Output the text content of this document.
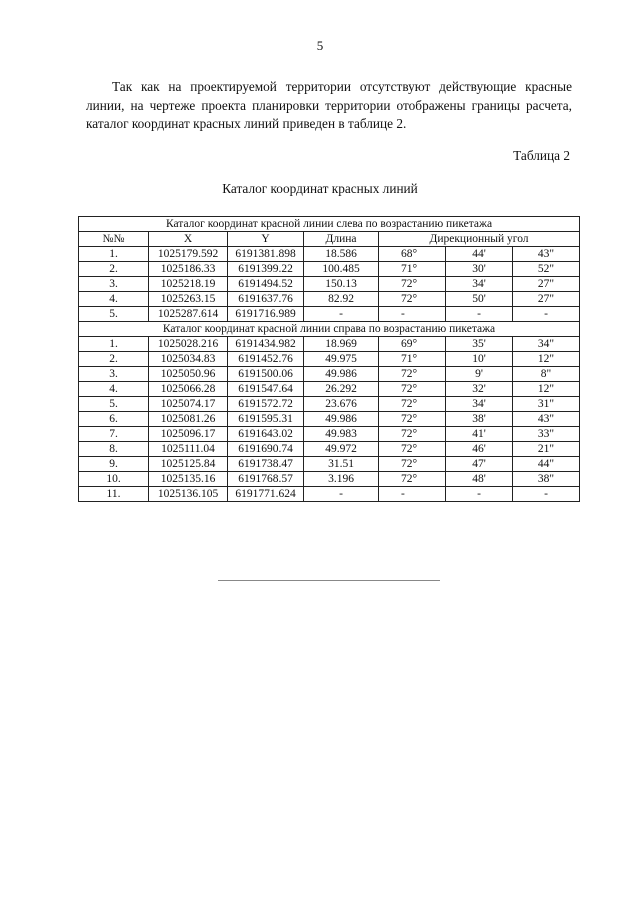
5

Так как на проектируемой территории отсутствуют действующие красные линии, на чертеже проекта планировки территории отображены границы расчета, каталог координат красных линий приведен в таблице 2.

Таблица 2
Каталог координат красных линий
Каталог координат красной линии слева по возрастанию пикетажа						
№№	X	Y	Длина	Дирекционный угол		
1.	1025179.592	6191381.898	18.586	68°	44'	43"
2.	1025186.33	6191399.22	100.485	71°	30'	52"
3.	1025218.19	6191494.52	150.13	72°	34'	27"
4.	1025263.15	6191637.76	82.92	72°	50'	27"
5.	1025287.614	6191716.989	-	-	-	-
Каталог координат красной линии справа по возрастанию пикетажа						
1.	1025028.216	6191434.982	18.969	69°	35'	34"
2.	1025034.83	6191452.76	49.975	71°	10'	12"
3.	1025050.96	6191500.06	49.986	72°	9'	8"
4.	1025066.28	6191547.64	26.292	72°	32'	12"
5.	1025074.17	6191572.72	23.676	72°	34'	31"
6.	1025081.26	6191595.31	49.986	72°	38'	43"
7.	1025096.17	6191643.02	49.983	72°	41'	33"
8.	1025111.04	6191690.74	49.972	72°	46'	21"
9.	1025125.84	6191738.47	31.51	72°	47'	44"
10.	1025135.16	6191768.57	3.196	72°	48'	38"
11.	1025136.105	6191771.624	-	-	-	-
